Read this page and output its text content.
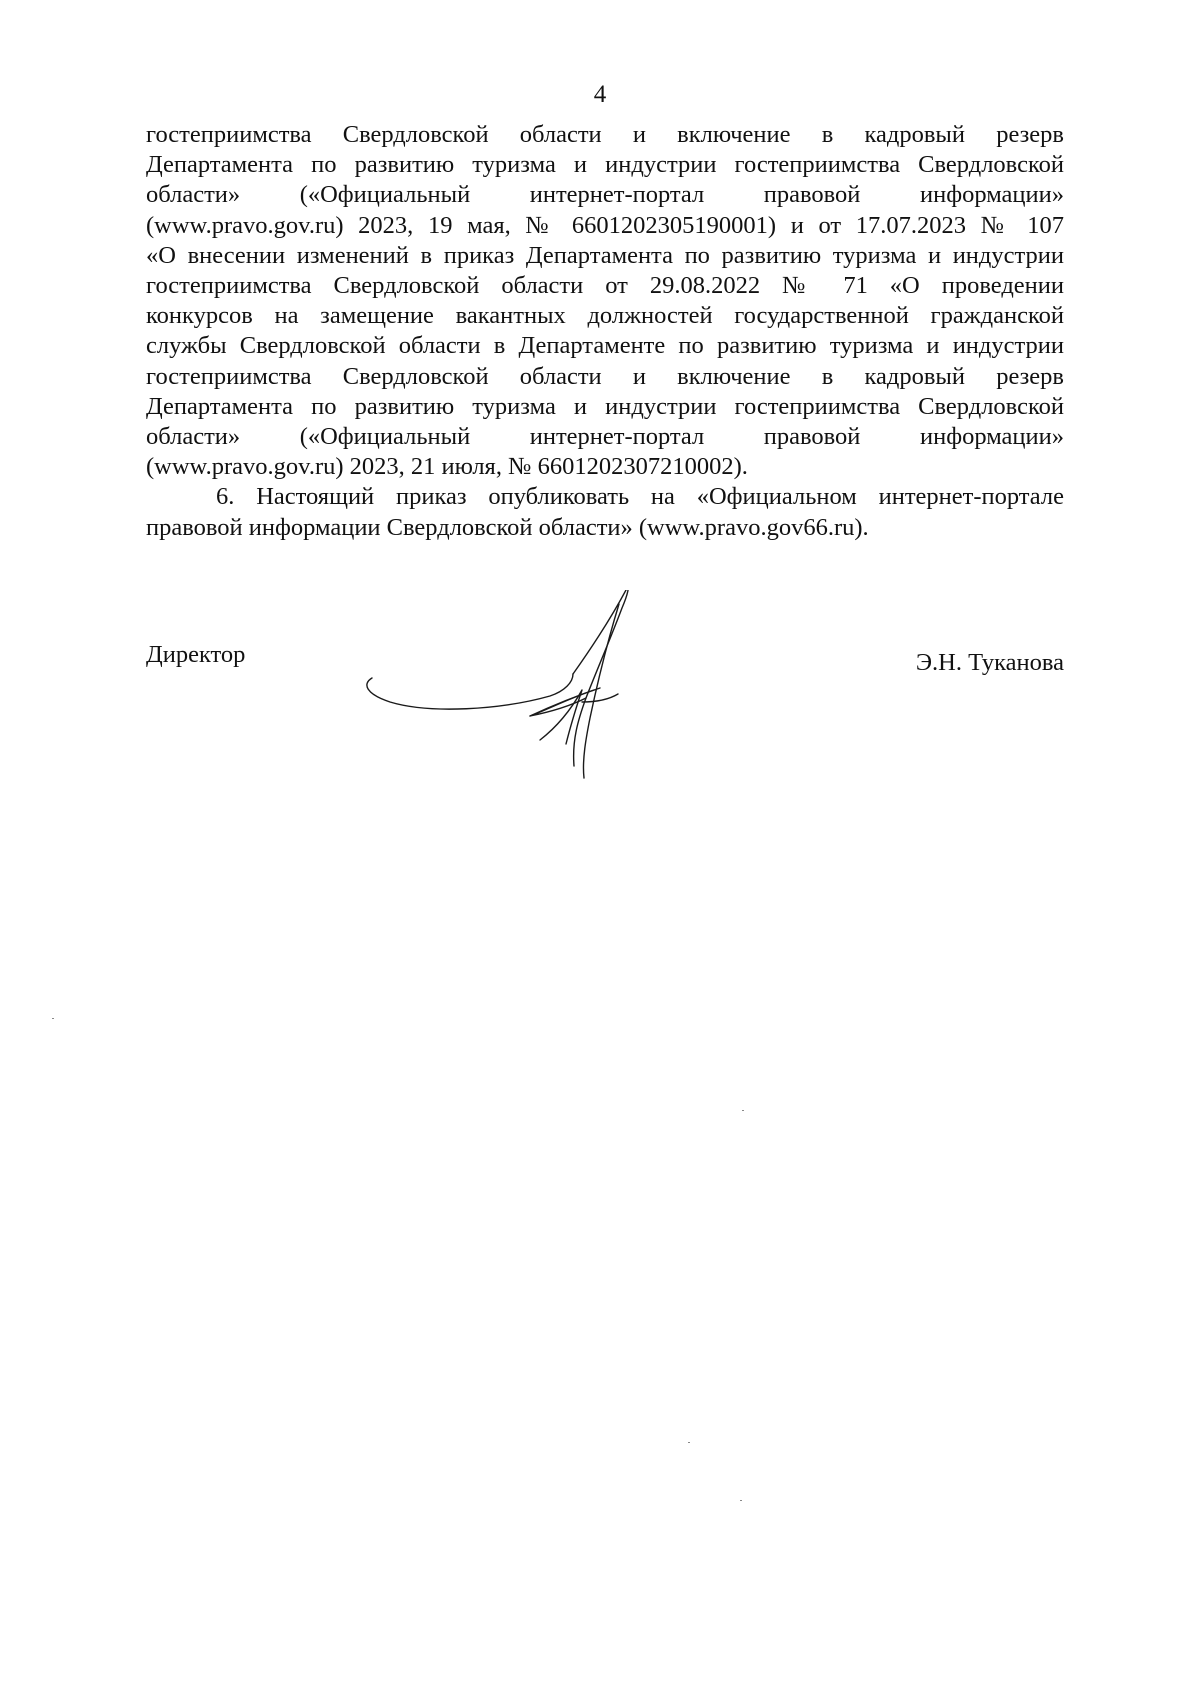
4
гостеприимства Свердловской области и включение в кадровый резерв
Департамента по развитию туризма и индустрии гостеприимства Свердловской
области» («Официальный интернет-портал правовой информации»
(www.pravo.gov.ru) 2023, 19 мая, № 6601202305190001) и от 17.07.2023 № 107
«О внесении изменений в приказ Департамента по развитию туризма и индустрии
гостеприимства Свердловской области от 29.08.2022 № 71 «О проведении
конкурсов на замещение вакантных должностей государственной гражданской
службы Свердловской области в Департаменте по развитию туризма и индустрии
гостеприимства Свердловской области и включение в кадровый резерв
Департамента по развитию туризма и индустрии гостеприимства Свердловской
области» («Официальный интернет-портал правовой информации»
(www.pravo.gov.ru) 2023, 21 июля, № 6601202307210002).
6. Настоящий приказ опубликовать на «Официальном интернет-портале
правовой информации Свердловской области» (www.pravo.gov66.ru).
Директор	Э.Н. Туканова
